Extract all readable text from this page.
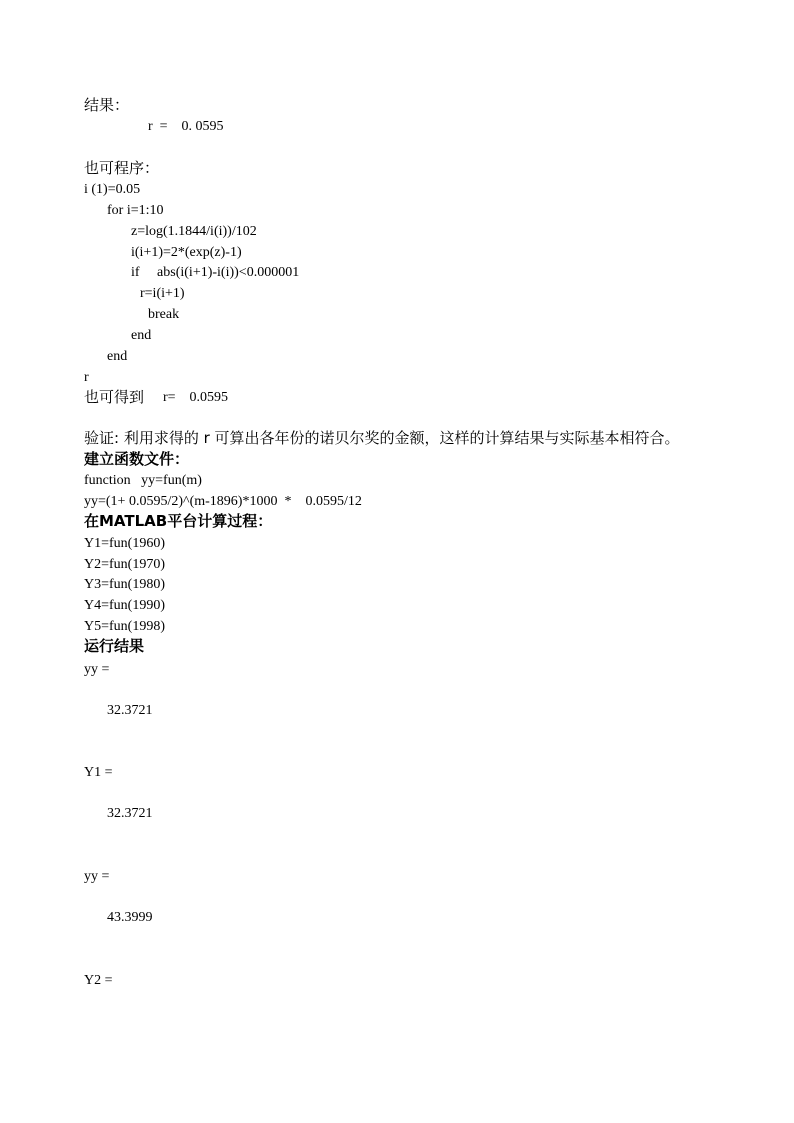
结果：
r  =    0. 0595
也可程序：
i (1)=0.05
for i=1:10
z=log(1.1844/i(i))/102
i(i+1)=2*(exp(z)-1)
if     abs(i(i+1)-i(i))<0.000001
r=i(i+1)
break
end
end
r
也可得到 r=    0.0595
验证: 利用求得的 r 可算出各年份的诺贝尔奖的金额，这样的计算结果与实际基本相符合。
建立函数文件：
function   yy=fun(m)
yy=(1+ 0.0595/2)^(m-1896)*1000  *    0.0595/12
在MATLAB平台计算过程：
Y1=fun(1960)
Y2=fun(1970)
Y3=fun(1980)
Y4=fun(1990)
Y5=fun(1998)
运行结果
yy =
32.3721
Y1 =
32.3721
yy =
43.3999
Y2 =
